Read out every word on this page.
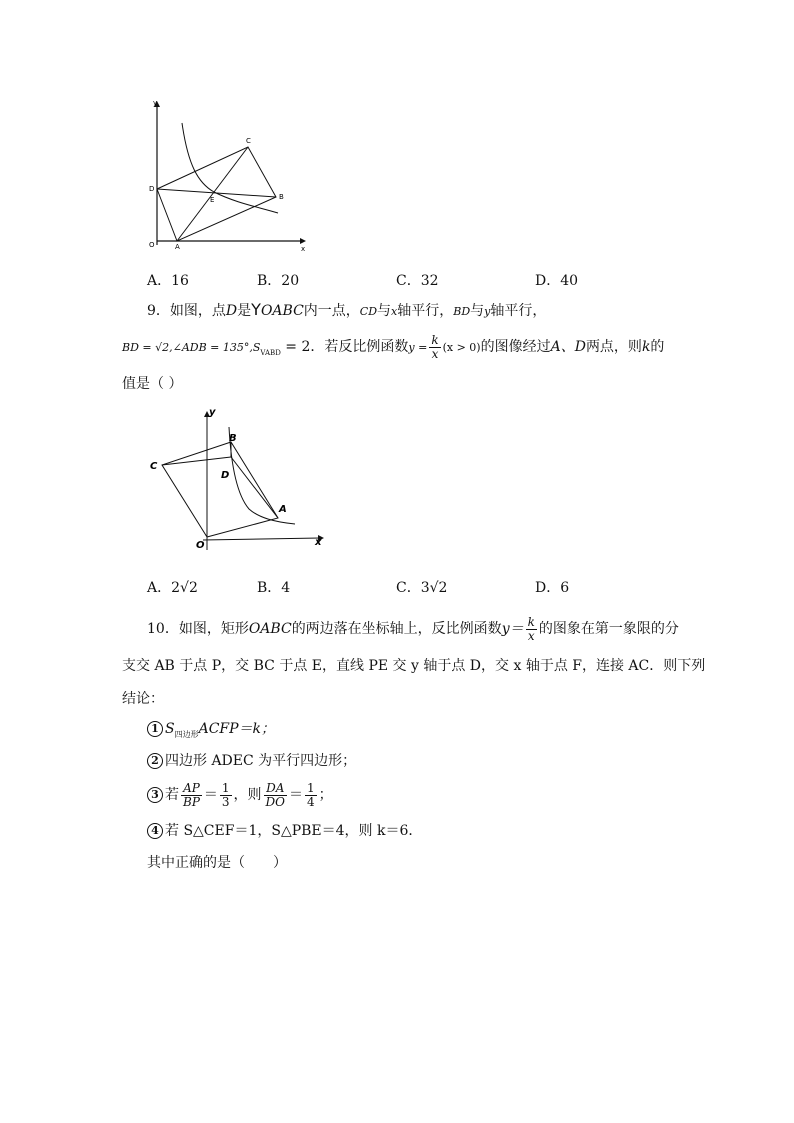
y
x
O	A
B
C
D
E
A．16	B．20	C．32	D．40
9．如图，点D是YOABC内一点，CD与x轴平行，BD与y轴平行，
BD = √2,∠ADB = $135^\circ,S_{VABD} = 2$．若反比例函数$y = \frac{k}{x} (x > 0)$的图像经过A、D两点，则k的
值是（ ）
y
x
O
A
B
C
D
A．2√2	B．4	C．3√2	D．6
10．如图，矩形OABC的两边落在坐标轴上，反比例函数$y= \frac{k}{x}$ 的图象在第一象限的分
支交 AB 于点 P，交 BC 于点 E，直线 PE 交 y 轴于点 D，交 x 轴于点 F，连接 AC．则下列
结论：
1 $S_{四边形}ACFP=k$；
2 四边形 ADEC 为平行四边形；
3 若 $\frac{AP}{BP} = \frac{1}{3}$ ，则 $\frac{DA}{DO} = \frac{1}{4}$ ；
4 若 S△CEF＝1，S△PBE＝4，则 k＝6．
其中正确的是（　　）
